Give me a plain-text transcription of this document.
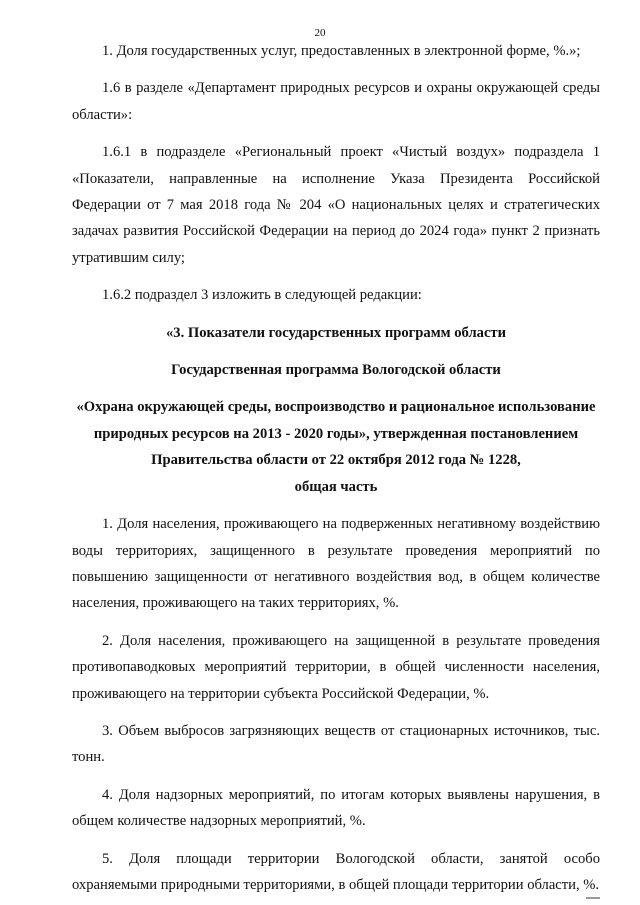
20

1. Доля государственных услуг, предоставленных в электронной форме, %.»;

1.6 в разделе «Департамент природных ресурсов и охраны окружающей среды области»:

1.6.1 в подразделе «Региональный проект «Чистый воздух» подраздела 1 «Показатели, направленные на исполнение Указа Президента Российской Федерации от 7 мая 2018 года № 204 «О национальных целях и стратегических задачах развития Российской Федерации на период до 2024 года» пункт 2 признать утратившим силу;

1.6.2 подраздел 3 изложить в следующей редакции:

«3. Показатели государственных программ области

Государственная программа Вологодской области

«Охрана окружающей среды, воспроизводство и рациональное использование природных ресурсов на 2013 - 2020 годы», утвержденная постановлением Правительства области от 22 октября 2012 года № 1228,

общая часть

1. Доля населения, проживающего на подверженных негативному воздействию воды территориях, защищенного в результате проведения мероприятий по повышению защищенности от негативного воздействия вод, в общем количестве населения, проживающего на таких территориях, %.

2. Доля населения, проживающего на защищенной в результате проведения противопаводковых мероприятий территории, в общей численности населения, проживающего на территории субъекта Российской Федерации, %.

3. Объем выбросов загрязняющих веществ от стационарных источников, тыс. тонн.

4. Доля надзорных мероприятий, по итогам которых выявлены нарушения, в общем количестве надзорных мероприятий, %.

5. Доля площади территории Вологодской области, занятой особо охраняемыми природными территориями, в общей площади территории области, %.
